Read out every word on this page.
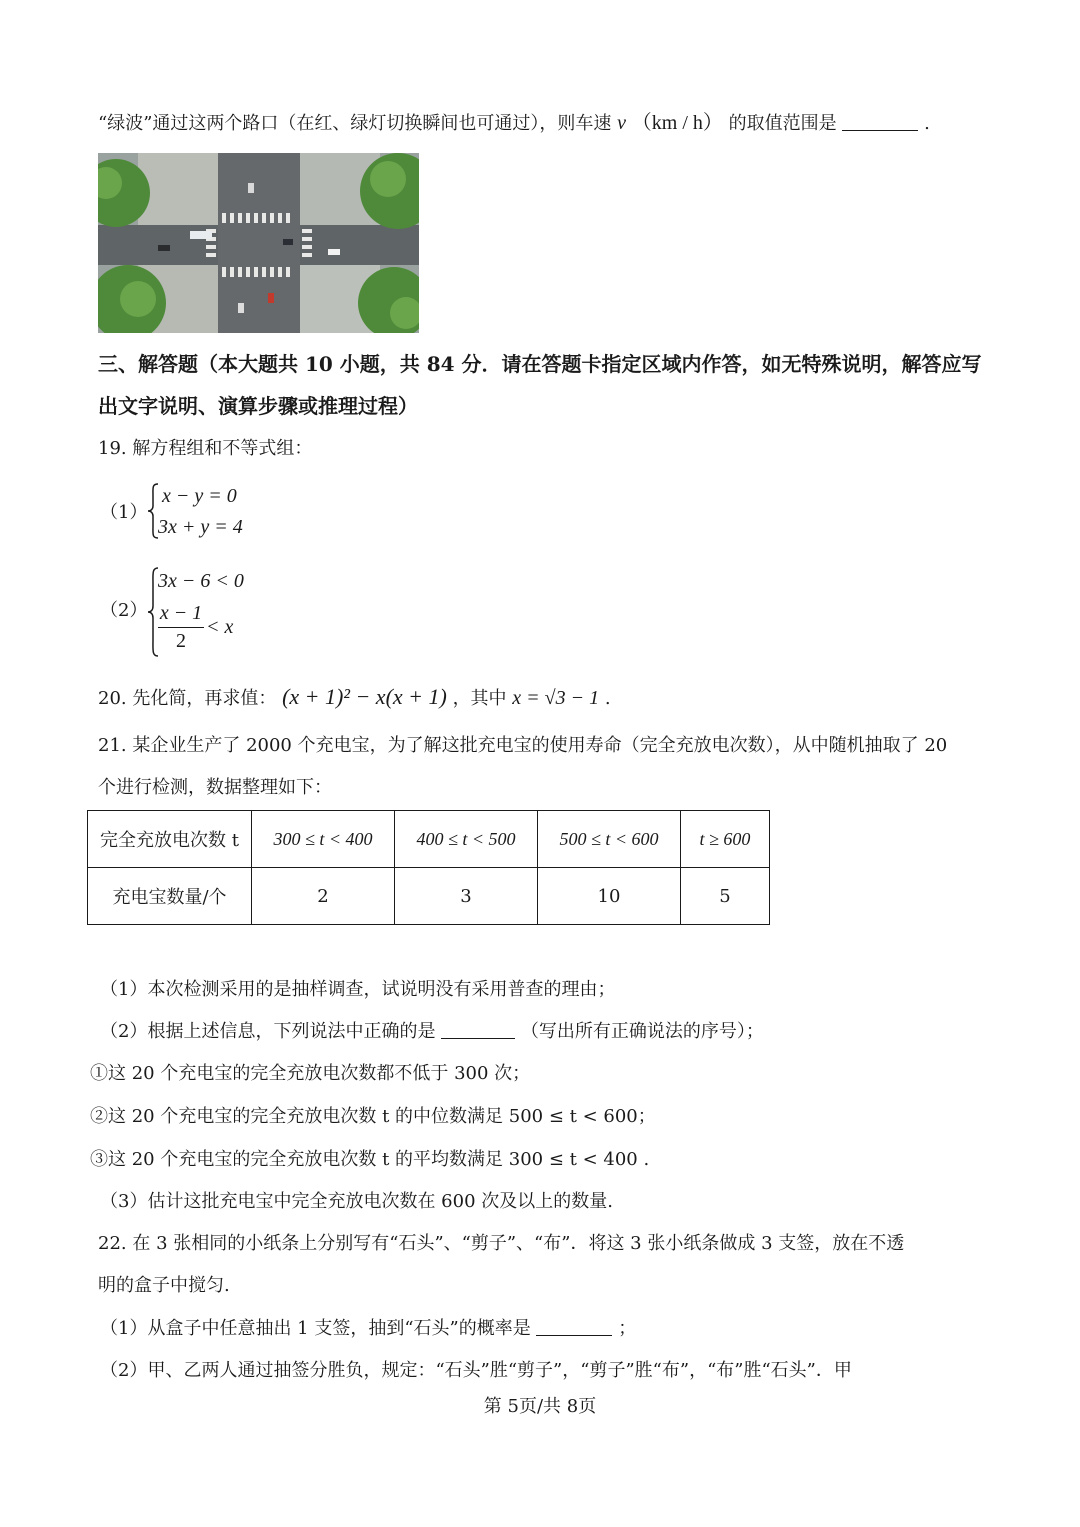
“绿波”通过这两个路口（在红、绿灯切换瞬间也可通过），则车速 v （km / h） 的取值范围是	.
三、解答题（本大题共 10 小题，共 84 分．请在答题卡指定区域内作答，如无特殊说明，解答应写出文字说明、演算步骤或推理过程）
19. 解方程组和不等式组：
（1）
x − y = 0
3x + y = 4
（2）
3x − 6 < 0
x − 1
2
< x
20. 先化简，再求值： (x + 1)² − x(x + 1) ，其中 x = √3 − 1 .
21. 某企业生产了 2000 个充电宝，为了解这批充电宝的使用寿命（完全充放电次数），从中随机抽取了 20
个进行检测，数据整理如下：
完全充放电次数 t	300 ≤ t < 400	400 ≤ t < 500	500 ≤ t < 600	t ≥ 600
充电宝数量/个	2	3	10	5
（1）本次检测采用的是抽样调查，试说明没有采用普查的理由；
（2）根据上述信息，下列说法中正确的是	（写出所有正确说法的序号）；
①这 20 个充电宝的完全充放电次数都不低于 300 次；
②这 20 个充电宝的完全充放电次数 t 的中位数满足 500 ≤ t < 600；
③这 20 个充电宝的完全充放电次数 t 的平均数满足 300 ≤ t < 400 .
（3）估计这批充电宝中完全充放电次数在 600 次及以上的数量.
22. 在 3 张相同的小纸条上分别写有“石头”、“剪子”、“布”．将这 3 张小纸条做成 3 支签，放在不透
明的盒子中搅匀.
（1）从盒子中任意抽出 1 支签，抽到“石头”的概率是	；
（2）甲、乙两人通过抽签分胜负，规定：“石头”胜“剪子”，“剪子”胜“布”，“布”胜“石头”．甲
第 5页/共 8页
